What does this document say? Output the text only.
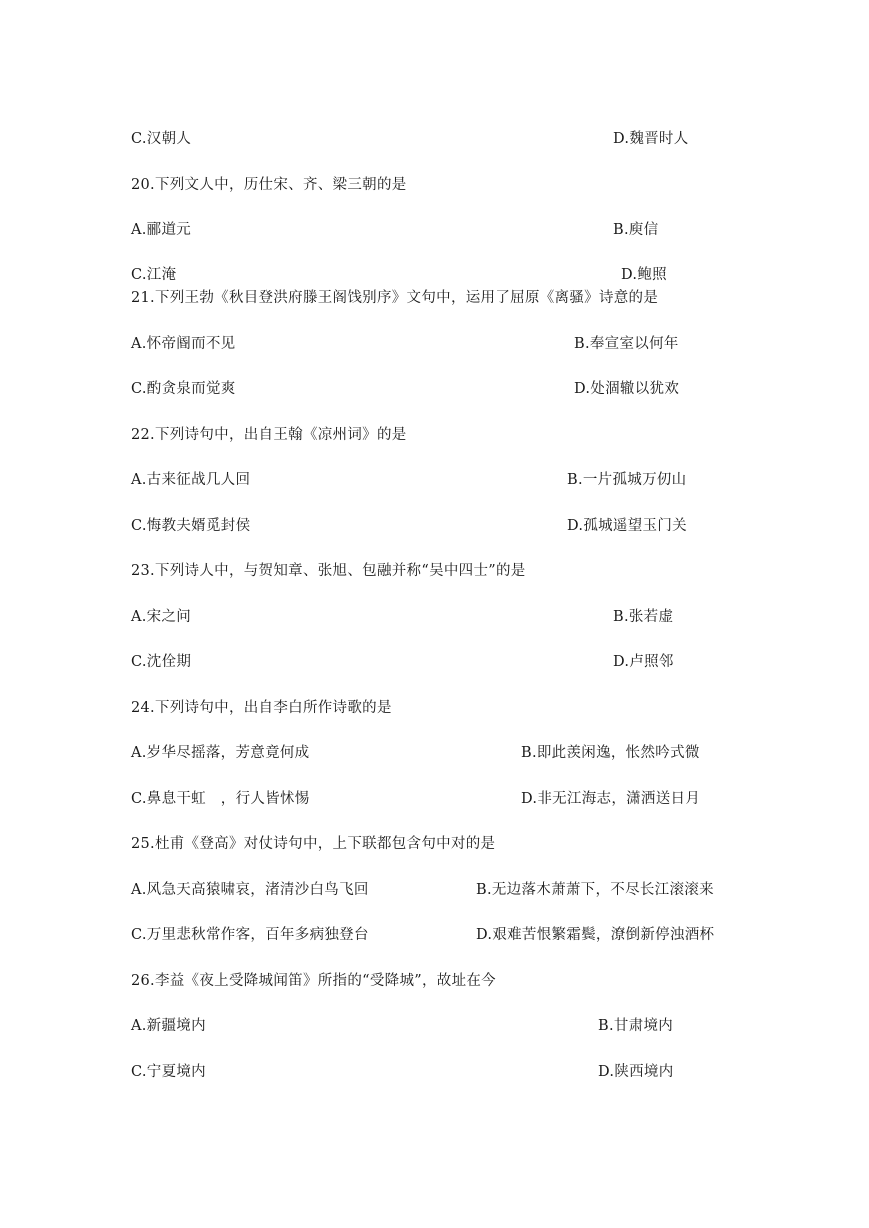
C.汉朝人	D.魏晋时人

20.下列文人中，历仕宋、齐、梁三朝的是

A.郦道元	B.庾信

C.江淹	D.鲍照

21.下列王勃《秋目登洪府滕王阁饯别序》文句中，运用了屈原《离骚》诗意的是

A.怀帝阍而不见	B.奉宣室以何年

C.酌贪泉而觉爽	D.处涸辙以犹欢

22.下列诗句中，出自王翰《凉州词》的是

A.古来征战几人回	B.一片孤城万仞山

C.悔教夫婿觅封侯	D.孤城遥望玉门关

23.下列诗人中，与贺知章、张旭、包融并称“吴中四士”的是

A.宋之问	B.张若虚

C.沈佺期	D.卢照邻

24.下列诗句中，出自李白所作诗歌的是

A.岁华尽摇落，芳意竟何成	B.即此羡闲逸，怅然吟式微

C.鼻息干虹　，行人皆怵惕	D.非无江海志，潇洒送日月

25.杜甫《登高》对仗诗句中，上下联都包含句中对的是

A.风急天高猿啸哀，渚清沙白鸟飞回	B.无边落木萧萧下，不尽长江滚滚来

C.万里悲秋常作客，百年多病独登台	D.艰难苦恨繁霜鬓，潦倒新停浊酒杯

26.李益《夜上受降城闻笛》所指的“受降城”，故址在今

A.新疆境内	B.甘肃境内

C.宁夏境内	D.陕西境内
